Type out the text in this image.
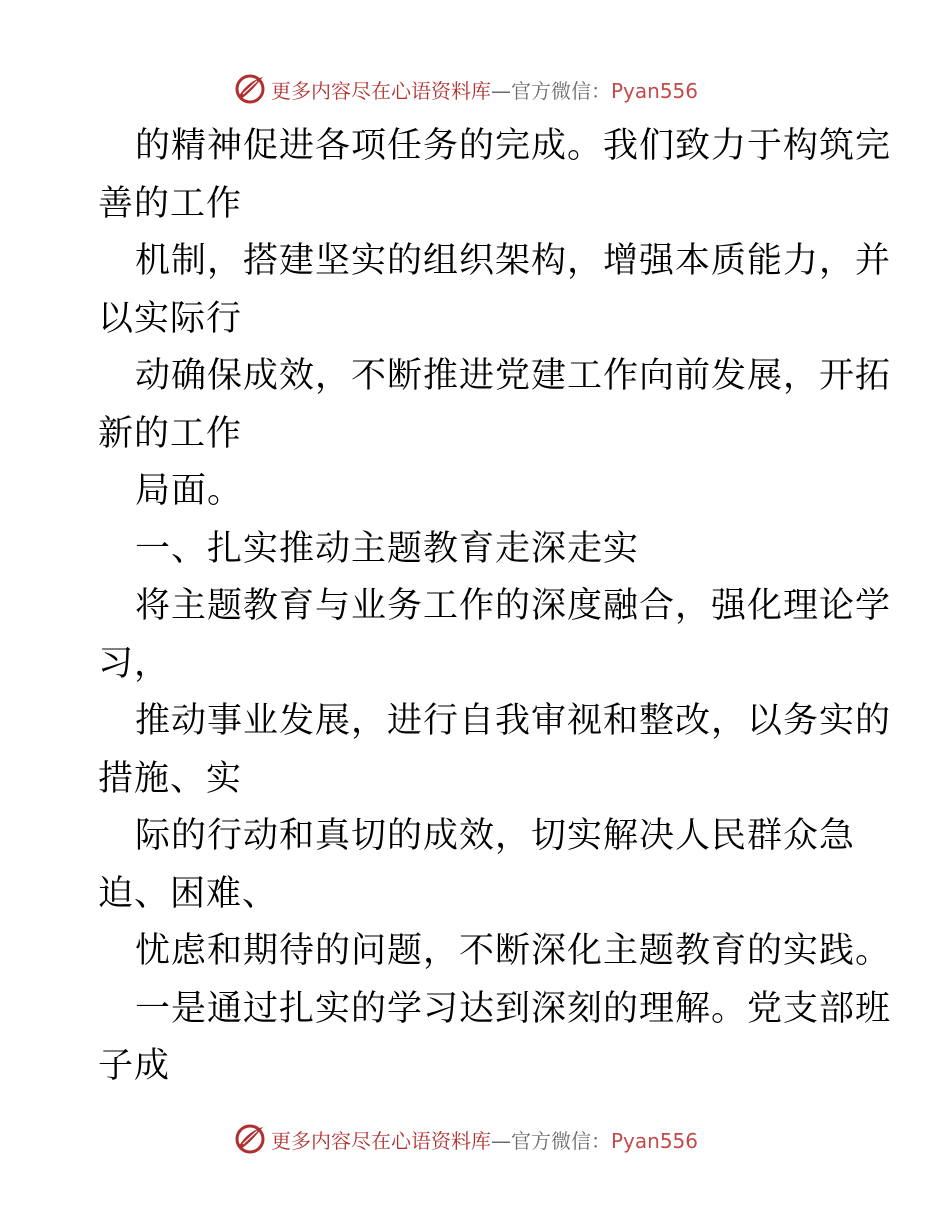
更多内容尽在心语资料库—官方微信：Pyan556
的精神促进各项任务的完成。我们致力于构筑完
善的工作
机制，搭建坚实的组织架构，增强本质能力，并
以实际行
动确保成效，不断推进党建工作向前发展，开拓
新的工作
局面。
一、扎实推动主题教育走深走实
将主题教育与业务工作的深度融合，强化理论学
习，
推动事业发展，进行自我审视和整改，以务实的
措施、实
际的行动和真切的成效，切实解决人民群众急
迫、困难、
忧虑和期待的问题，不断深化主题教育的实践。
一是通过扎实的学习达到深刻的理解。党支部班
子成
更多内容尽在心语资料库—官方微信：Pyan556
